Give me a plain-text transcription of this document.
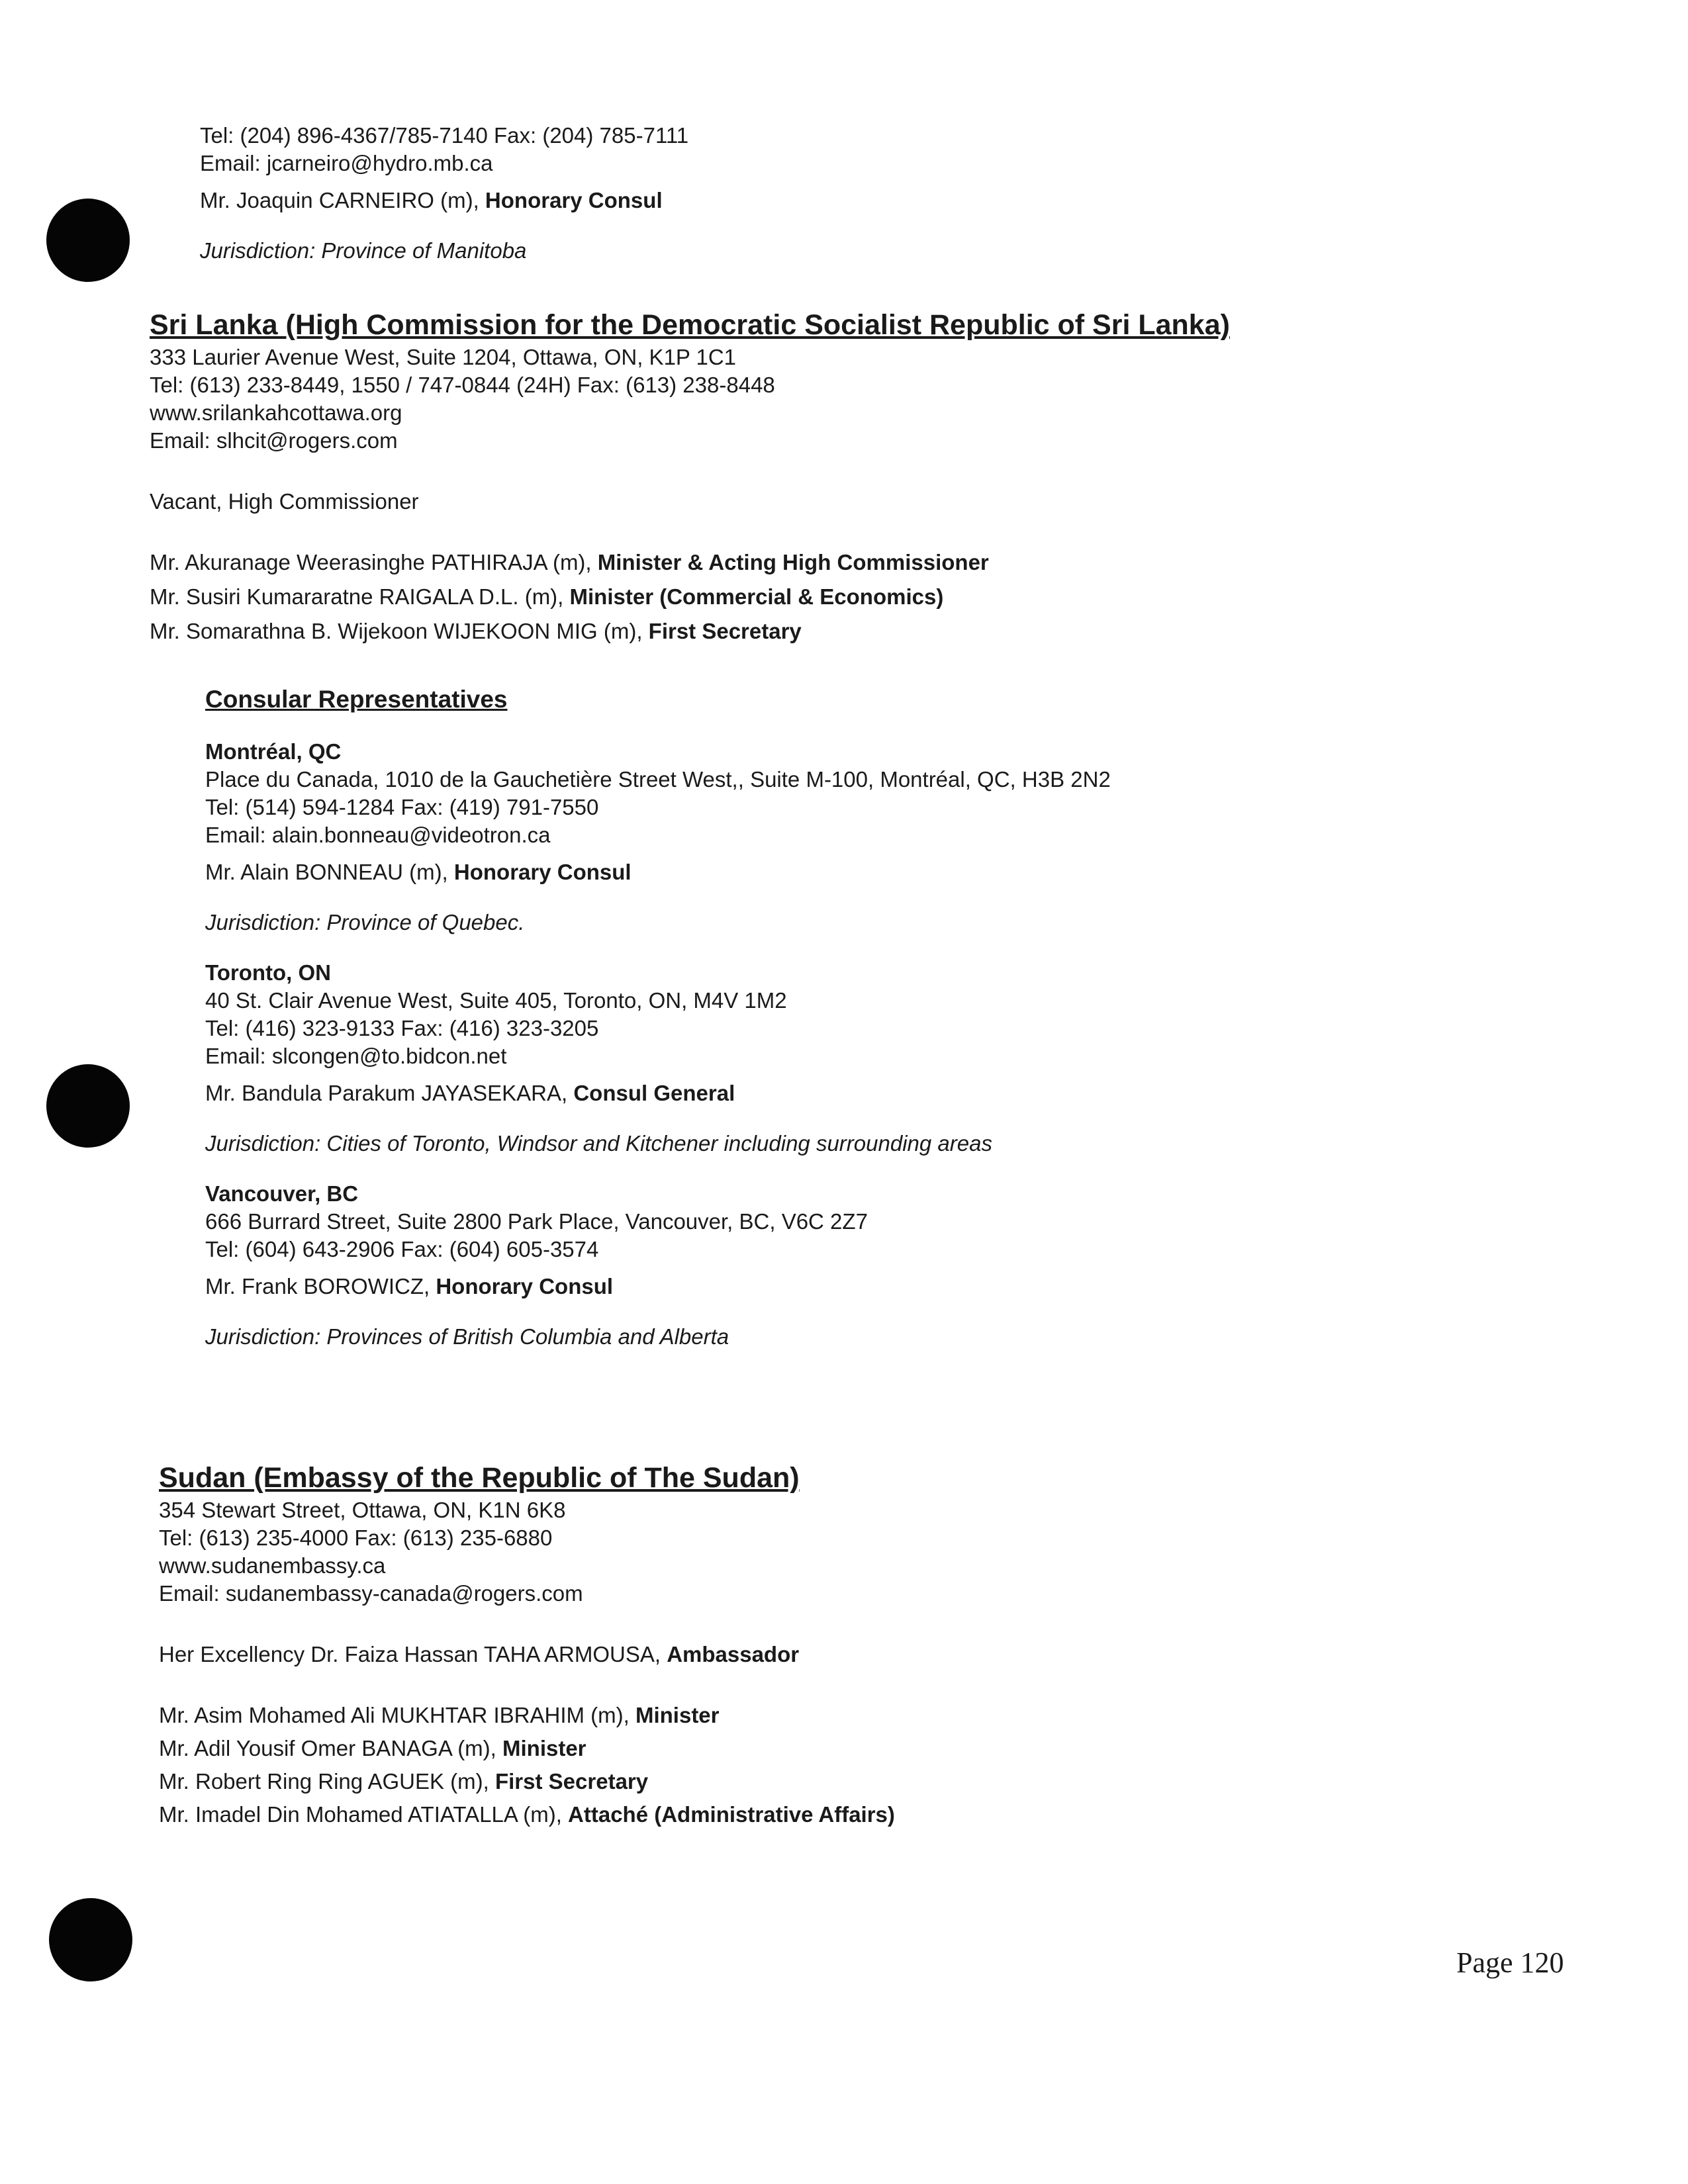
Tel: (204) 896-4367/785-7140 Fax: (204) 785-7111
Email: jcarneiro@hydro.mb.ca
Mr. Joaquin CARNEIRO (m), Honorary Consul
Jurisdiction: Province of Manitoba
Sri Lanka (High Commission for the Democratic Socialist Republic of Sri Lanka)
333 Laurier Avenue West, Suite 1204, Ottawa, ON, K1P 1C1
Tel: (613) 233-8449, 1550 / 747-0844 (24H) Fax: (613) 238-8448
www.srilankahcottawa.org
Email: slhcit@rogers.com
Vacant, High Commissioner
Mr. Akuranage Weerasinghe PATHIRAJA (m), Minister & Acting High Commissioner
Mr. Susiri Kumararatne RAIGALA D.L. (m), Minister (Commercial & Economics)
Mr. Somarathna B. Wijekoon WIJEKOON MIG (m), First Secretary
Consular Representatives
Montréal, QC
Place du Canada, 1010 de la Gauchetière Street West,, Suite M-100, Montréal, QC, H3B 2N2
Tel: (514) 594-1284 Fax: (419) 791-7550
Email: alain.bonneau@videotron.ca
Mr. Alain BONNEAU (m), Honorary Consul
Jurisdiction: Province of Quebec.
Toronto, ON
40 St. Clair Avenue West, Suite 405, Toronto, ON, M4V 1M2
Tel: (416) 323-9133 Fax: (416) 323-3205
Email: slcongen@to.bidcon.net
Mr. Bandula Parakum JAYASEKARA, Consul General
Jurisdiction: Cities of Toronto, Windsor and Kitchener including surrounding areas
Vancouver, BC
666 Burrard Street, Suite 2800 Park Place, Vancouver, BC, V6C 2Z7
Tel: (604) 643-2906 Fax: (604) 605-3574
Mr. Frank BOROWICZ, Honorary Consul
Jurisdiction: Provinces of British Columbia and Alberta
Sudan (Embassy of the Republic of The Sudan)
354 Stewart Street, Ottawa, ON, K1N 6K8
Tel: (613) 235-4000 Fax: (613) 235-6880
www.sudanembassy.ca
Email: sudanembassy-canada@rogers.com
Her Excellency Dr. Faiza Hassan TAHA ARMOUSA, Ambassador
Mr. Asim Mohamed Ali MUKHTAR IBRAHIM (m), Minister
Mr. Adil Yousif Omer BANAGA (m), Minister
Mr. Robert Ring Ring AGUEK (m), First Secretary
Mr. Imadel Din Mohamed ATIATALLA (m), Attaché (Administrative Affairs)
Page 120
